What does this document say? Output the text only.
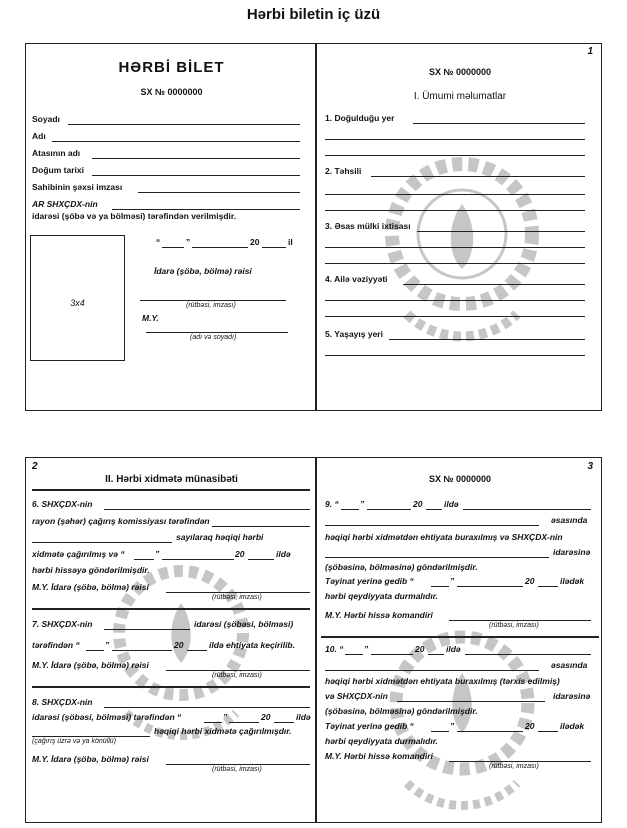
Hərbi biletin iç üzü
HƏRBİ BİLET
SX № 0000000
Soyadı
Adı
Atasının adı
Doğum tarixi
Sahibinin şəxsi imzası
AR SHXÇDX-nin
idarəsi (şöbə və ya bölməsi) tərəfindən verilmişdir.
3x4
“	”	20	il
İdarə (şöbə, bölmə) rəisi
(rütbəsi, imzası)
M.Y.
(adı və soyadı)
1
SX № 0000000
I. Ümumi məlumatlar
1. Doğulduğu yer
2. Təhsili
3. Əsas mülki ixtisası
4. Ailə vəziyyəti
5. Yaşayış yeri
2
II. Hərbi xidmətə münasibəti
6. SHXÇDX-nin
rayon (şəhər) çağırış komissiyası tərəfindən
sayılaraq həqiqi hərbi
xidmətə çağırılmış və “	”	20	ildə
hərbi hissəyə göndərilmişdir.
M.Y. İdarə (şöbə, bölmə) rəisi
(rütbəsi, imzası)
7. SHXÇDX-nin	idarəsi (şöbəsi, bölməsi)
tərəfindən “	”	20	ildə ehtiyata keçirilib.
M.Y. İdarə (şöbə, bölmə) rəisi
(rütbəsi, imzası)
8. SHXÇDX-nin
idarəsi (şöbəsi, bölməsi) tərəfindən “	”	20	ildə
həqiqi hərbi xidmətə çağırılmışdır.
(çağırış üzrə və ya könüllü)
M.Y. İdarə (şöbə, bölmə) rəisi
(rütbəsi, imzası)
3
SX № 0000000
9. “	”	20	ildə
əsasında
həqiqi hərbi xidmətdən ehtiyata buraxılmış və SHXÇDX-nin
idarəsinə
(şöbəsinə, bölməsinə) göndərilmişdir.
Təyinat yerinə gedib “	”	20	ilədək
hərbi qeydiyyata durmalıdır.
M.Y. Hərbi hissə komandiri
(rütbəsi, imzası)
10. “ ”	20	ildə
əsasında
həqiqi hərbi xidmətdən ehtiyata buraxılmış (tərxis edilmiş)
və SHXÇDX-nin	idarəsinə
(şöbəsinə, bölməsinə) göndərilmişdir.
Təyinat yerinə gedib “	”	20	ilədək
hərbi qeydiyyata durmalıdır.
M.Y. Hərbi hissə komandiri
(rütbəsi, imzası)
